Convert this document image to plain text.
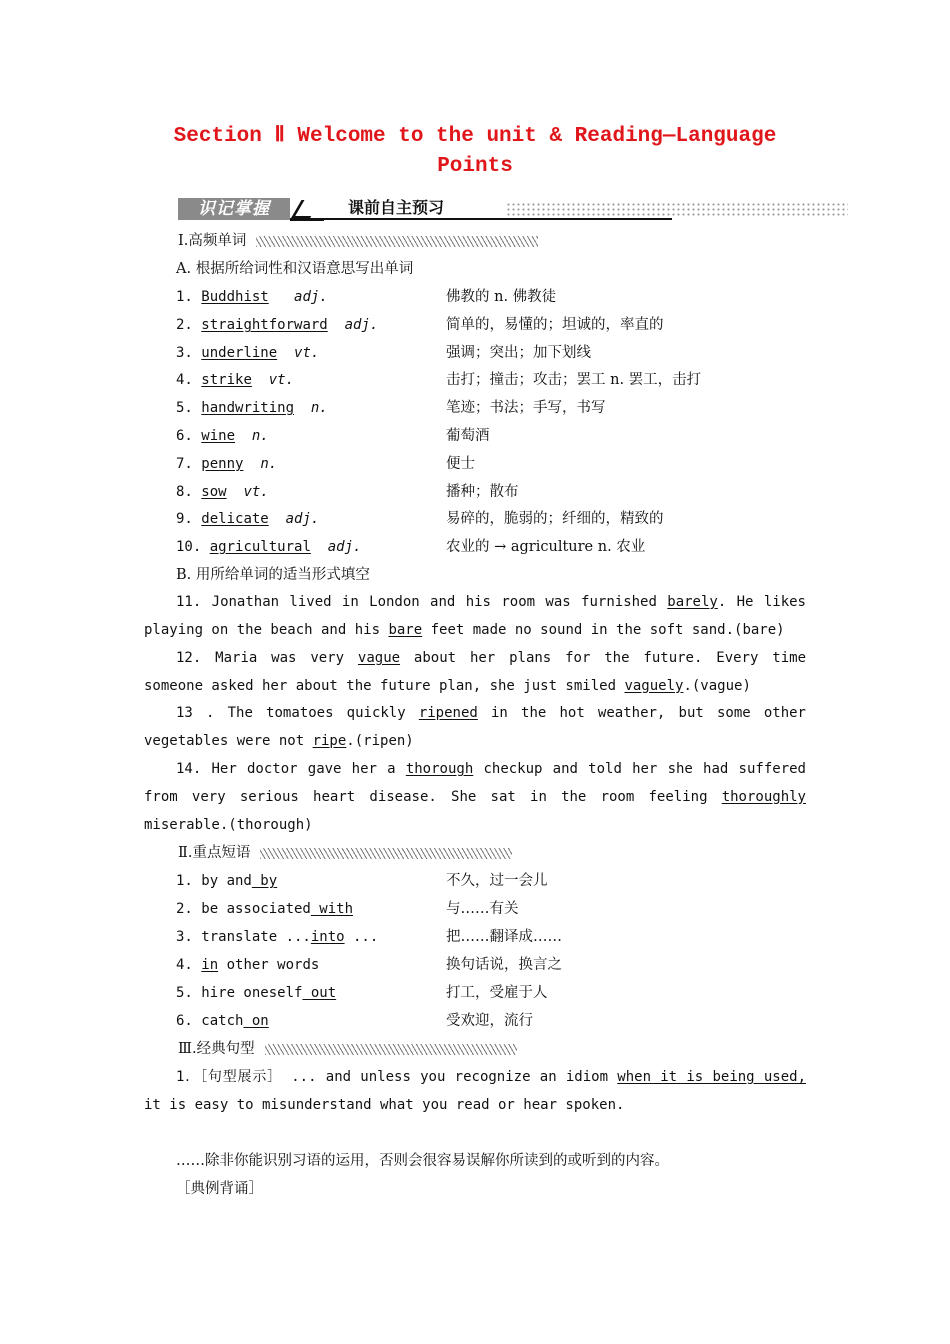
Section Ⅱ Welcome to the unit & Reading—Language
Points
识记掌握	课前自主预习
Ⅰ.高频单词
A. 根据所给词性和汉语意思写出单词
1. Buddhist adj.	佛教的 n. 佛教徒
2. straightforward adj.	简单的，易懂的；坦诚的，率直的
3. underline vt.	强调；突出；加下划线
4. strike vt.	击打；撞击；攻击；罢工 n. 罢工，击打
5. handwriting n.	笔迹；书法；手写，书写
6. wine n.	葡萄酒
7. penny n.	便士
8. sow vt.	播种；散布
9. delicate adj.	易碎的，脆弱的；纤细的，精致的
10. agricultural adj.	农业的 → agriculture n. 农业
B. 用所给单词的适当形式填空
11. Jonathan lived in London and his room was furnished barely. He likes playing on the beach and his bare feet made no sound in the soft sand.(bare)
12. Maria was very vague about her plans for the future. Every time someone asked her about the future plan, she just smiled vaguely.(vague)
13 . The tomatoes quickly ripened in the hot weather, but some other vegetables were not ripe.(ripen)
14. Her doctor gave her a thorough checkup and told her she had suffered from very serious heart disease. She sat in the room feeling thoroughly miserable.(thorough)
Ⅱ.重点短语
1. by and by	不久，过一会儿
2. be associated with	与……有关
3. translate ...into ...	把……翻译成……
4. in other words	换句话说，换言之
5. hire oneself out	打工，受雇于人
6. catch on	受欢迎，流行
Ⅲ.经典句型
1．［句型展示］ ... and unless you recognize an idiom when it is being used, it is easy to misunderstand what you read or hear spoken.
……除非你能识别习语的运用，否则会很容易误解你所读到的或听到的内容。
［典例背诵］
